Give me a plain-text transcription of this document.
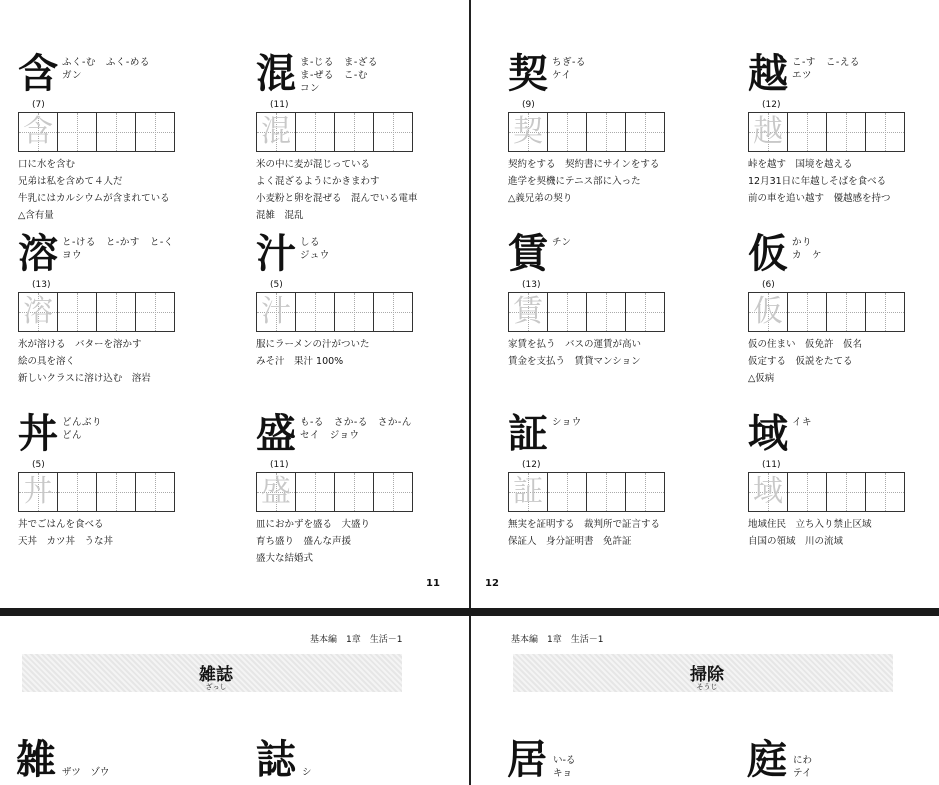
含 ふく-む　ふく-める
ガン
(7)
含
口に水を含む
兄弟は私を含めて４人だ
牛乳にはカルシウムが含まれている
△含有量
混 ま-じる　ま-ざる
ま-ぜる　こ-む
コン
(11)
混
米の中に麦が混じっている
よく混ざるようにかきまわす
小麦粉と卵を混ぜる　混んでいる電車
混雑　混乱
溶 と-ける　と-かす　と-く
ヨウ
(13)
溶
氷が溶ける　バターを溶かす
絵の具を溶く
新しいクラスに溶け込む　溶岩
汁 しる
ジュウ
(5)
汁
服にラーメンの汁がついた
みそ汁　果汁 100%
丼 どんぶり
どん
(5)
丼
丼でごはんを食べる
天丼　カツ丼　うな丼
盛 も-る　さか-る　さか-ん
セイ　ジョウ
(11)
盛
皿におかずを盛る　大盛り
育ち盛り　盛んな声援
盛大な結婚式
11
契 ちぎ-る
ケイ
(9)
契
契約をする　契約書にサインをする
進学を契機にテニス部に入った
△義兄弟の契り
越 こ-す　こ-える
エツ
(12)
越
峠を越す　国境を越える
12月31日に年越しそばを食べる
前の車を追い越す　優越感を持つ
賃 チン
(13)
賃
家賃を払う　バスの運賃が高い
賃金を支払う　賃貸マンション
仮 かり
カ　ケ
(6)
仮
仮の住まい　仮免許　仮名
仮定する　仮説をたてる
△仮病
証 ショウ
(12)
証
無実を証明する　裁判所で証言する
保証人　身分証明書　免許証
域 イキ
(11)
域
地域住民　立ち入り禁止区域
自国の領域　川の流域
12
基本編　1章　生活－1
雑誌
ざっし
雑 ザツ　ゾウ	誌 シ
基本編　1章　生活－1
掃除
そうじ
居 い-る
キョ	庭 にわ
テイ
